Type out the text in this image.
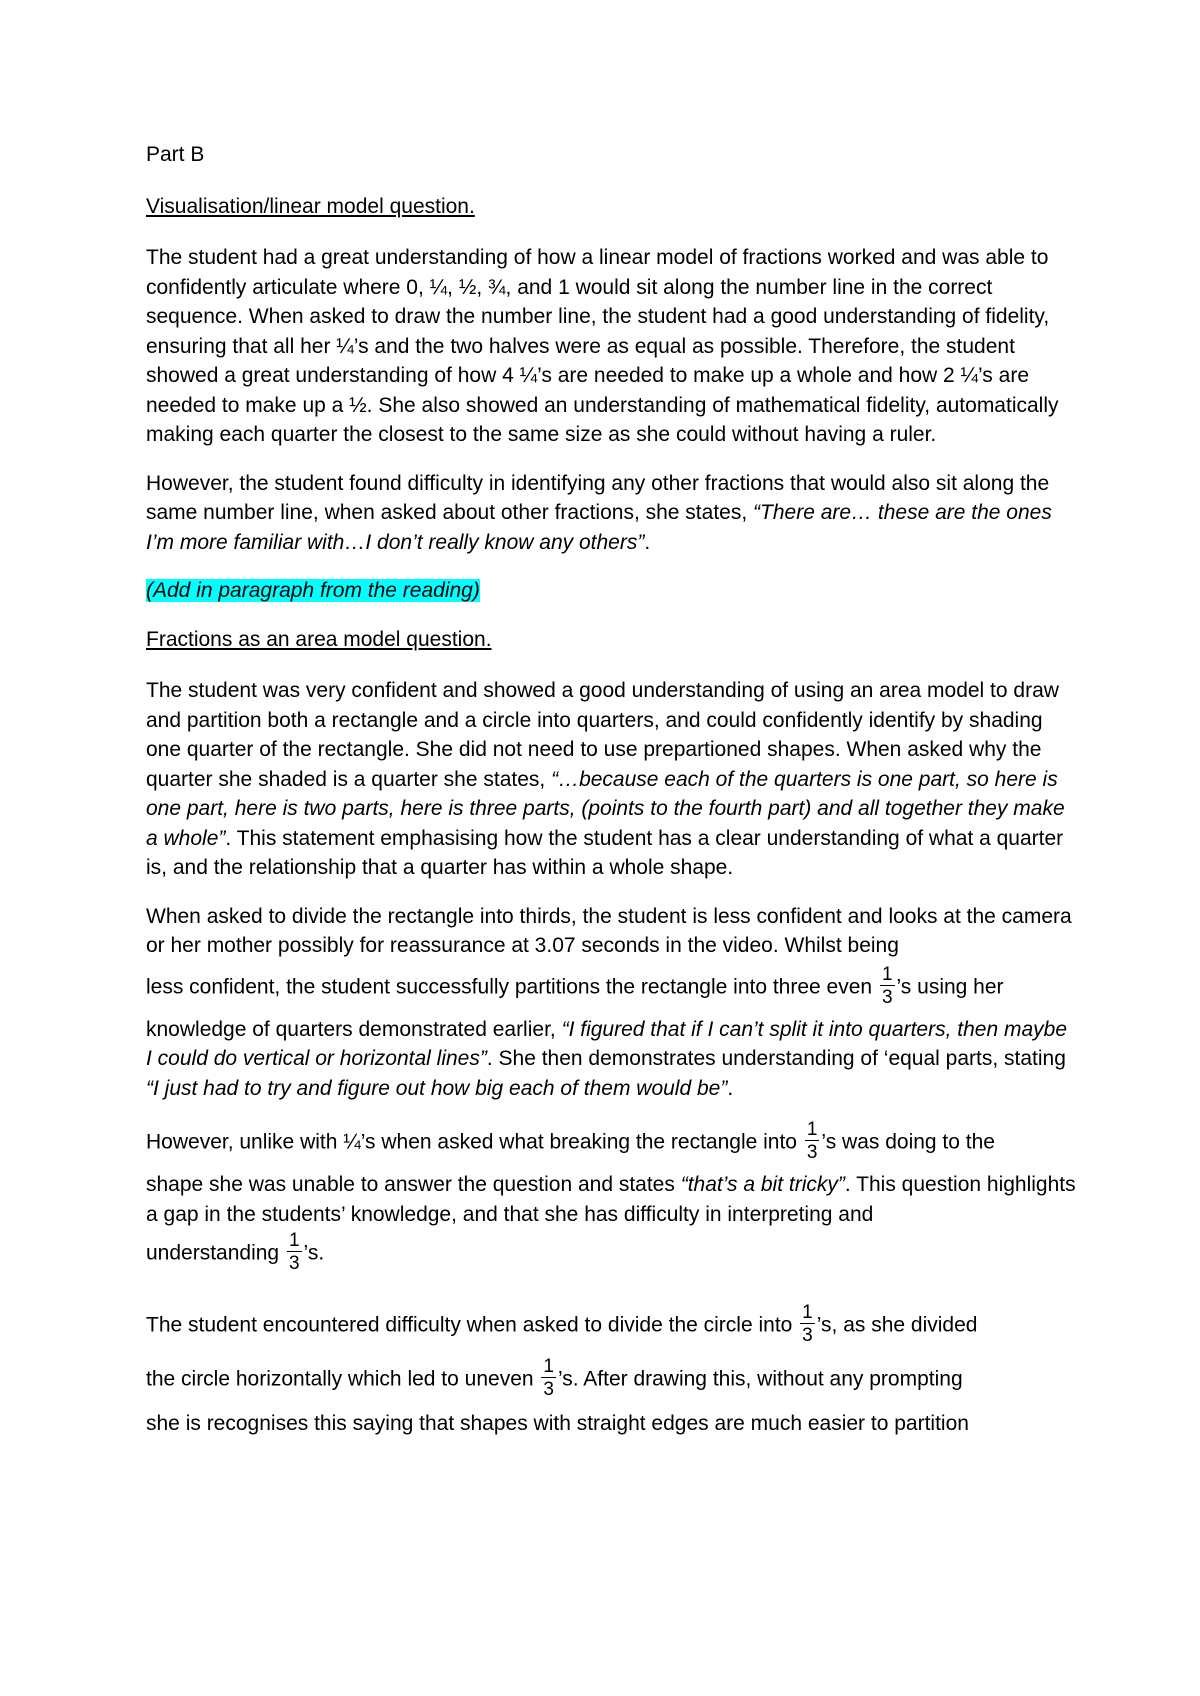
Part B
Visualisation/linear model question.

The student had a great understanding of how a linear model of fractions worked and was able to confidently articulate where 0, ¼, ½, ¾, and 1 would sit along the number line in the correct sequence. When asked to draw the number line, the student had a good understanding of fidelity, ensuring that all her ¼’s and the two halves were as equal as possible. Therefore, the student showed a great understanding of how 4 ¼’s are needed to make up a whole and how 2 ¼’s are needed to make up a ½. She also showed an understanding of mathematical fidelity, automatically making each quarter the closest to the same size as she could without having a ruler.

However, the student found difficulty in identifying any other fractions that would also sit along the same number line, when asked about other fractions, she states, “There are… these are the ones I’m more familiar with…I don’t really know any others”.

(Add in paragraph from the reading)

Fractions as an area model question.

The student was very confident and showed a good understanding of using an area model to draw and partition both a rectangle and a circle into quarters, and could confidently identify by shading one quarter of the rectangle. She did not need to use prepartioned shapes. When asked why the quarter she shaded is a quarter she states, “…because each of the quarters is one part, so here is one part, here is two parts, here is three parts, (points to the fourth part) and all together they make a whole”. This statement emphasising how the student has a clear understanding of what a quarter is, and the relationship that a quarter has within a whole shape.

When asked to divide the rectangle into thirds, the student is less confident and looks at the camera or her mother possibly for reassurance at 3.07 seconds in the video. Whilst being
less confident, the student successfully partitions the rectangle into three even $\frac{1}{3}$ ’s using her
knowledge of quarters demonstrated earlier, “I figured that if I can’t split it into quarters, then maybe I could do vertical or horizontal lines”. She then demonstrates understanding of ‘equal parts, stating “I just had to try and figure out how big each of them would be”.

However, unlike with ¼’s when asked what breaking the rectangle into $\frac{1}{3}$ ’s was doing to the
shape she was unable to answer the question and states “that’s a bit tricky”. This question highlights a gap in the students’ knowledge, and that she has difficulty in interpreting and
understanding $\frac{1}{3}$ ’s.

The student encountered difficulty when asked to divide the circle into $\frac{1}{3}$ ’s, as she divided
the circle horizontally which led to uneven $\frac{1}{3}$ ’s. After drawing this, without any prompting
she is recognises this saying that shapes with straight edges are much easier to partition
